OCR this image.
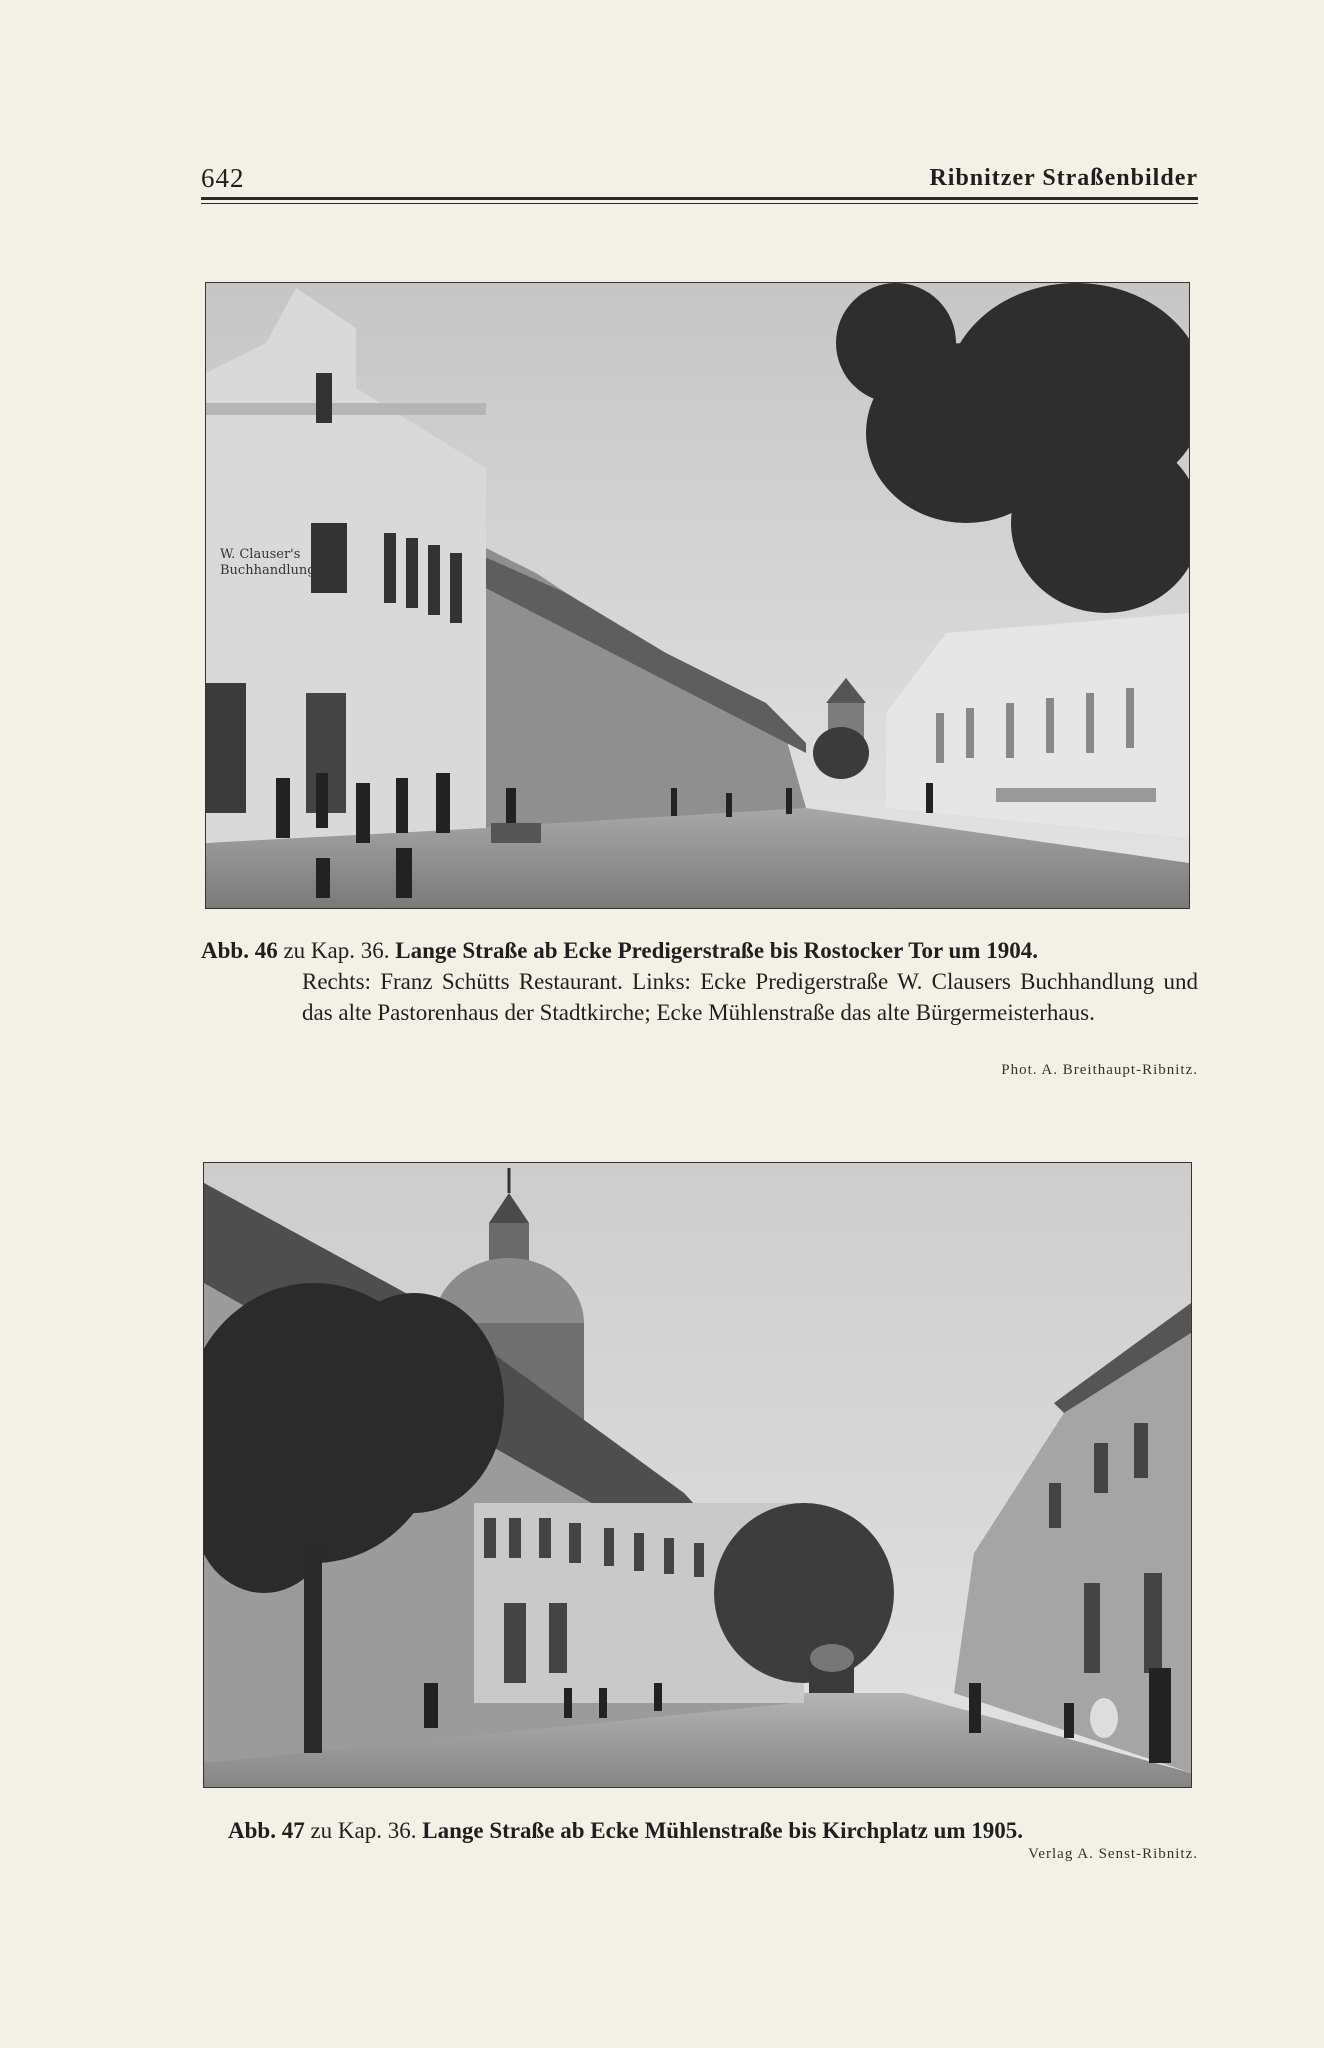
642	Ribnitzer Straßenbilder
W. Clauser's Buchhandlung.
Abb. 46 zu Kap. 36. Lange Straße ab Ecke Predigerstraße bis Rostocker Tor um 1904.
Rechts: Franz Schütts Restaurant. Links: Ecke Predigerstraße W. Clausers Buchhandlung und das alte Pastorenhaus der Stadtkirche; Ecke Mühlenstraße das alte Bürgermeisterhaus.
Phot. A. Breithaupt-Ribnitz.
Abb. 47 zu Kap. 36. Lange Straße ab Ecke Mühlenstraße bis Kirchplatz um 1905.
Verlag A. Senst-Ribnitz.
